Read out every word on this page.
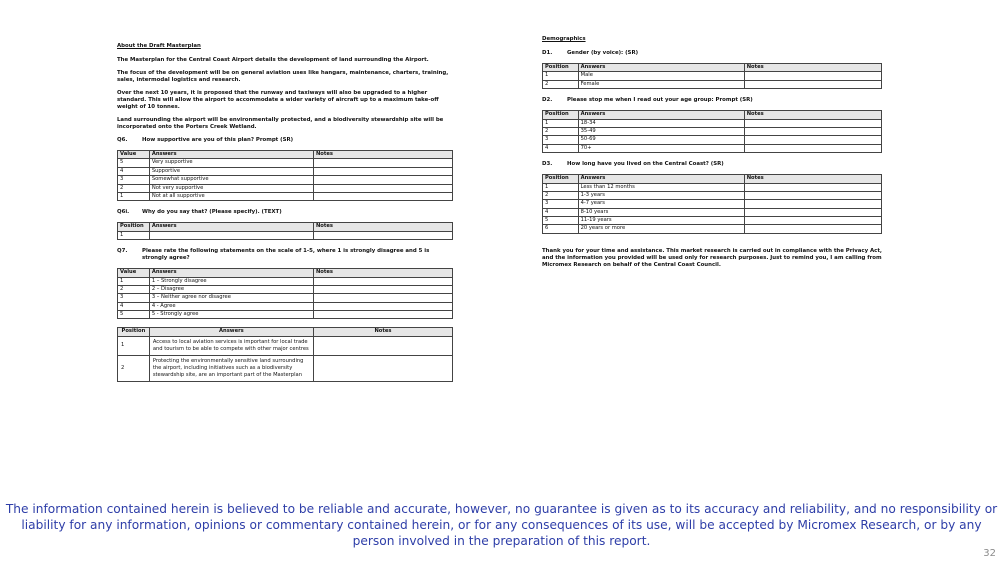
About the Draft Masterplan
The Masterplan for the Central Coast Airport details the development of land surrounding the Airport.
The focus of the development will be on general aviation uses like hangars, maintenance, charters, training, sales, intermodal logistics and research.
Over the next 10 years, it is proposed that the runway and taxiways will also be upgraded to a higher standard. This will allow the airport to accommodate a wider variety of aircraft up to a maximum take-off weight of 10 tonnes.
Land surrounding the airport will be environmentally protected, and a biodiversity stewardship site will be incorporated onto the Porters Creek Wetland.
Q6.	How supportive are you of this plan? Prompt (SR)
Value	Answers	Notes
5	Very supportive	
4	Supportive	
3	Somewhat supportive	
2	Not very supportive	
1	Not at all supportive	
Q6i.	Why do you say that? (Please specify). (TEXT)
Position	Answers	Notes
1		
Q7.	Please rate the following statements on the scale of 1-5, where 1 is strongly disagree and 5 is strongly agree?
Value	Answers	Notes
1	1 – Strongly disagree	
2	2 – Disagree	
3	3 – Neither agree nor disagree	
4	4 - Agree	
5	5 - Strongly agree	
Position	Answers	Notes
1	Access to local aviation services is important for local trade and tourism to be able to compete with other major centres	
2	Protecting the environmentally sensitive land surrounding the airport, including initiatives such as a biodiversity stewardship site, are an important part of the Masterplan	
Demographics
D1.	Gender (by voice): (SR)
Position	Answers	Notes
1	Male	
2	Female	
D2.	Please stop me when I read out your age group: Prompt (SR)
Position	Answers	Notes
1	18-34	
2	35-49	
3	50-69	
4	70+	
D3.	How long have you lived on the Central Coast? (SR)
Position	Answers	Notes
1	Less than 12 months	
2	1-3 years	
3	4-7 years	
4	8-10 years	
5	11-19 years	
6	20 years or more	
Thank you for your time and assistance. This market research is carried out in compliance with the Privacy Act, and the information you provided will be used only for research purposes. Just to remind you, I am calling from Micromex Research on behalf of the Central Coast Council.
The information contained herein is believed to be reliable and accurate, however, no guarantee is given as to its accuracy and reliability, and no responsibility or liability for any information, opinions or commentary contained herein, or for any consequences of its use, will be accepted by Micromex Research, or by any person involved in the preparation of this report.
32
